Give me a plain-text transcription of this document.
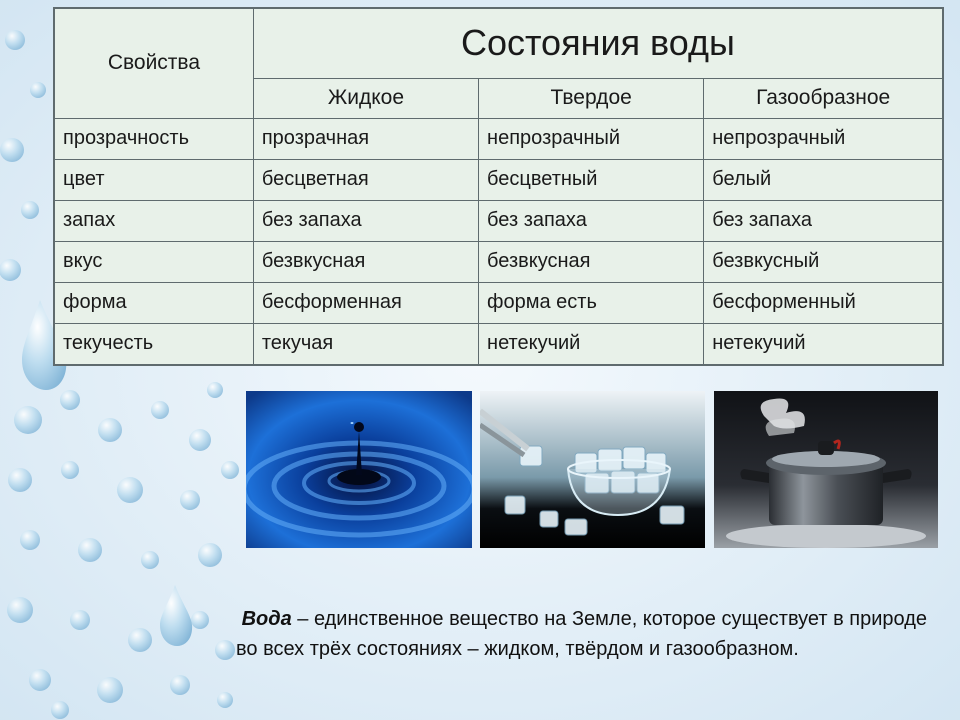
Свойства	Состояния воды		
	Жидкое	Твердое	Газообразное
прозрачность	прозрачная	непрозрачный	непрозрачный
цвет	бесцветная	бесцветный	белый
запах	без запаха	без запаха	без запаха
вкус	безвкусная	безвкусная	безвкусный
форма	бесформенная	форма есть	бесформенный
текучесть	текучая	нетекучий	нетекучий

Вода – единственное вещество на Земле, которое существует в природе во всех трёх состояниях – жидком, твёрдом и газообразном.
